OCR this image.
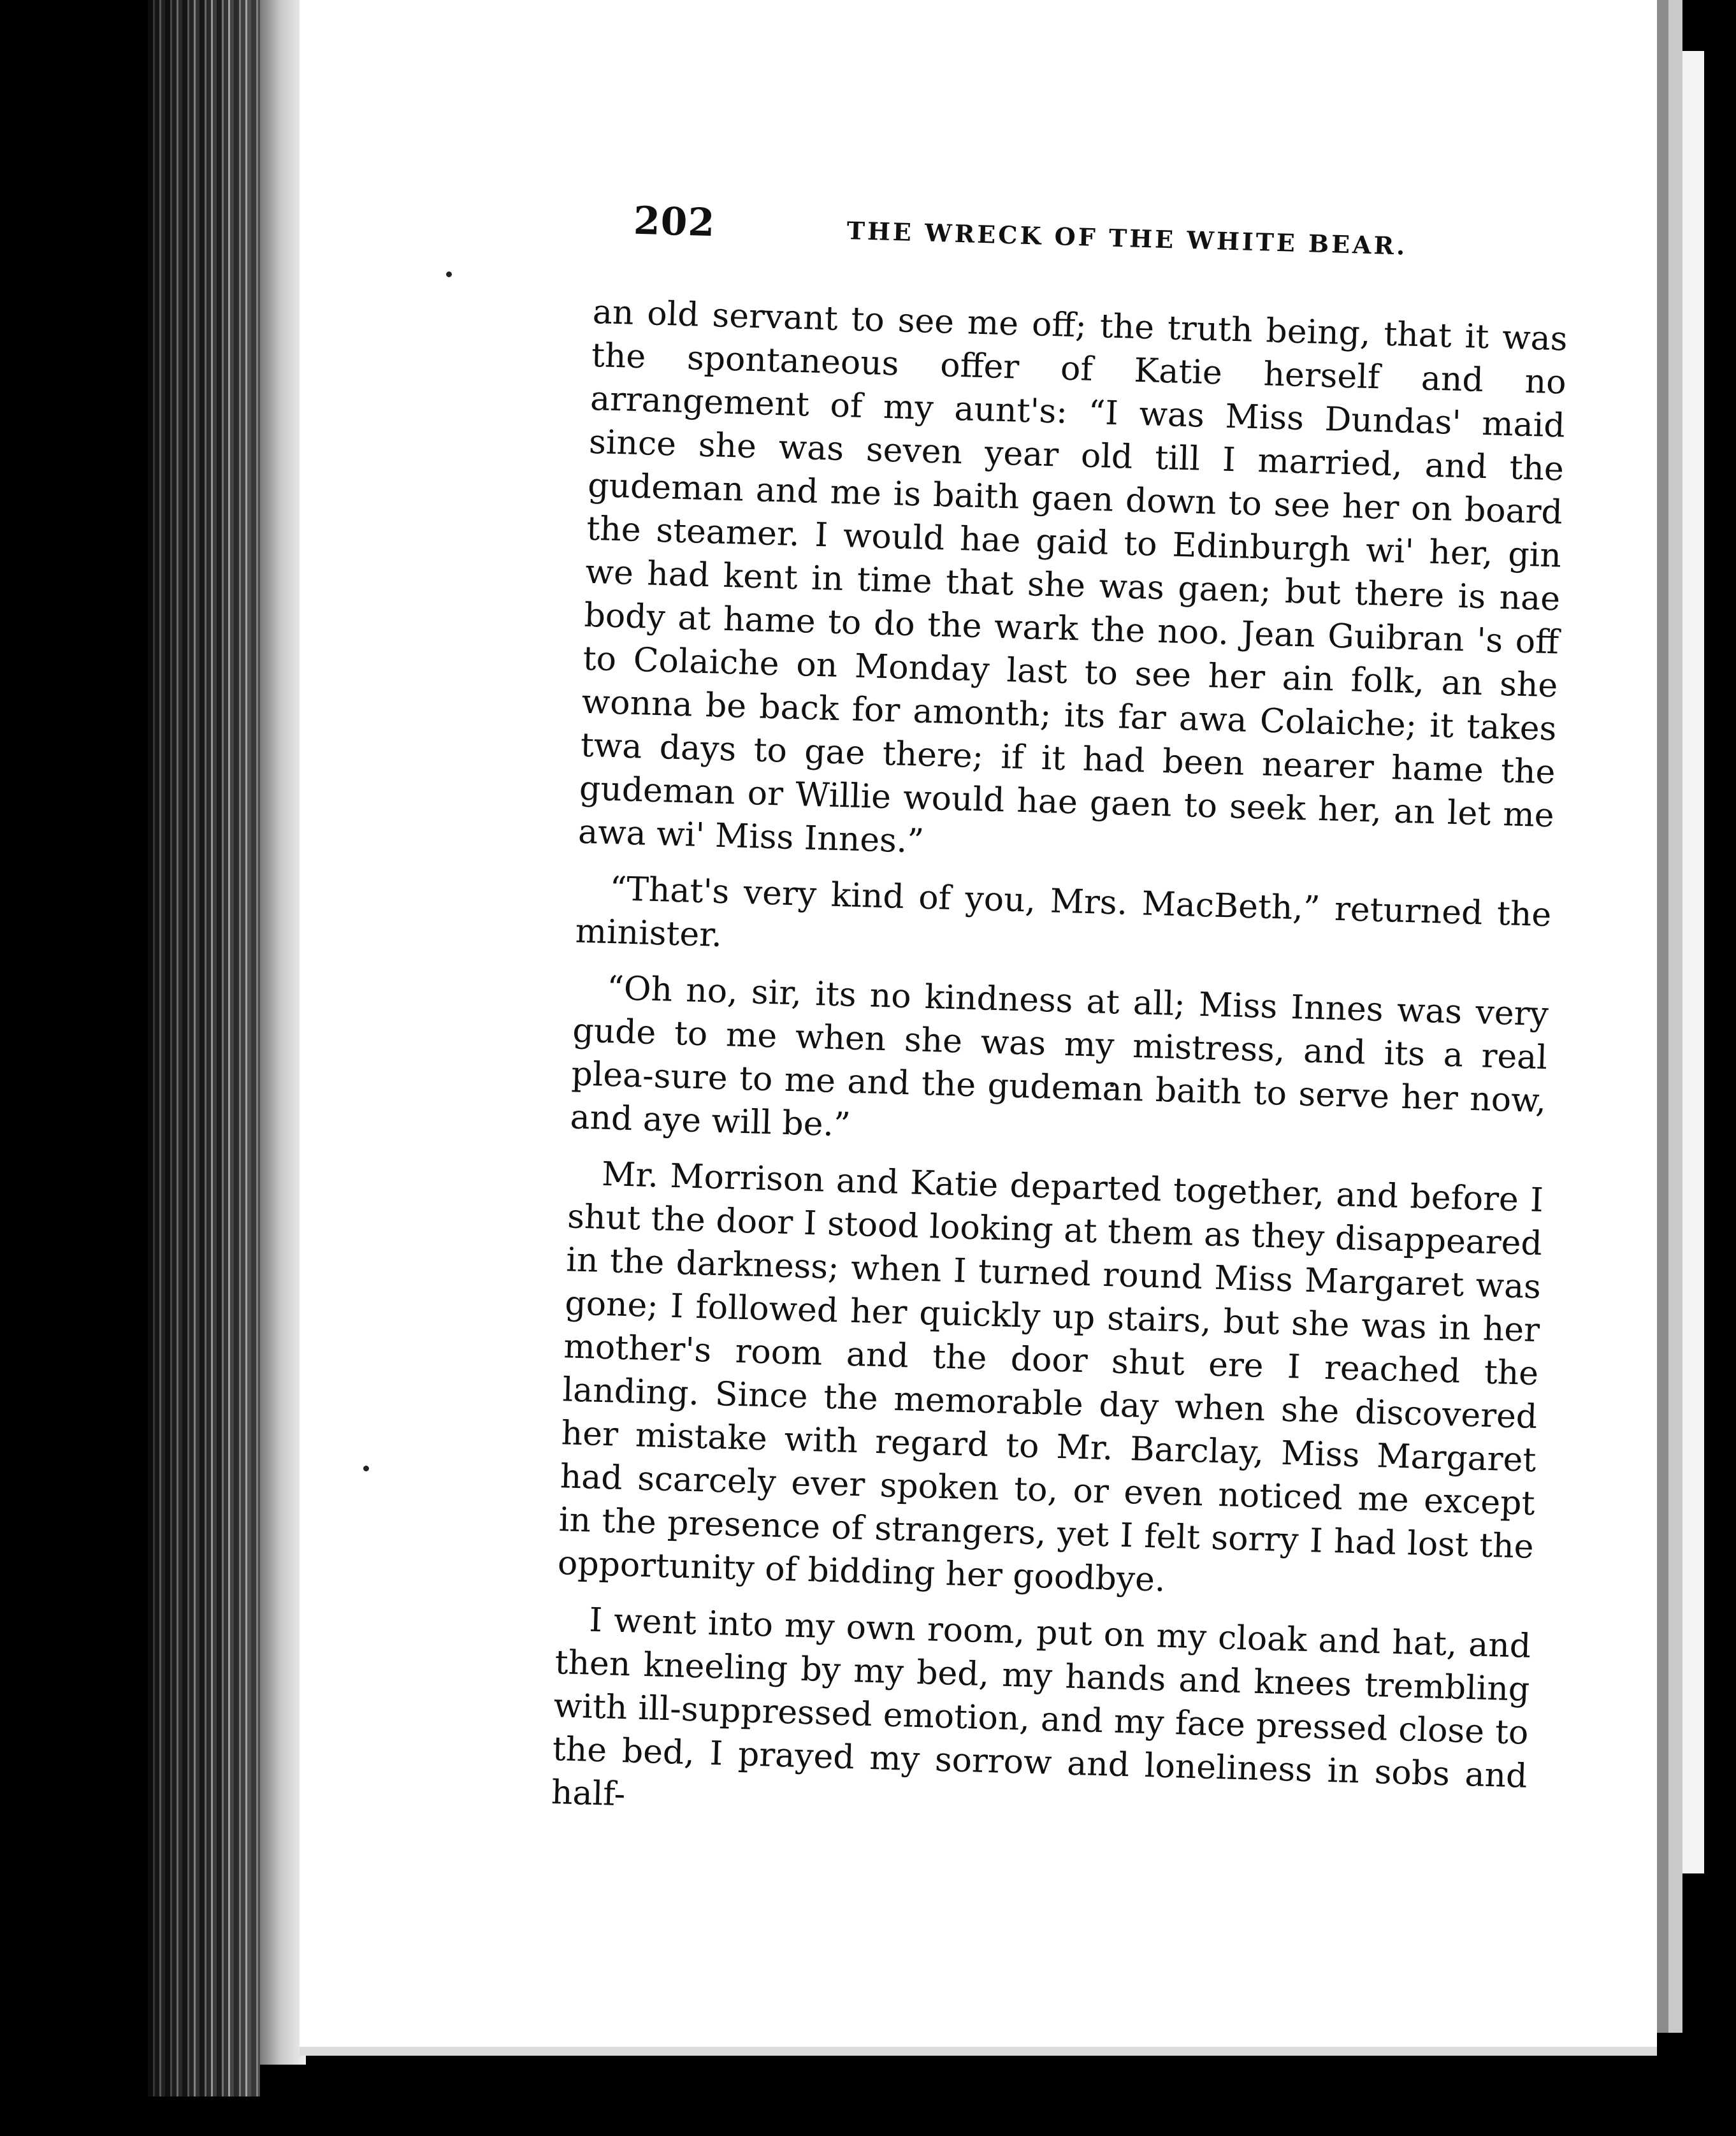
202	THE WRECK OF THE WHITE BEAR.

an old servant to see me off; the truth being, that it was the spontaneous offer of Katie herself and no arrangement of my aunt's: “I was Miss Dundas' maid since she was seven year old till I married, and the gudeman and me is baith gaen down to see her on board the steamer. I would hae gaid to Edinburgh wi' her, gin we had kent in time that she was gaen; but there is nae body at hame to do the wark the noo. Jean Guibran 's off to Colaiche on Monday last to see her ain folk, an she wonna be back for amonth; its far awa Colaiche; it takes twa days to gae there; if it had been nearer hame the gudeman or Willie would hae gaen to seek her, an let me awa wi' Miss Innes.”

“That's very kind of you, Mrs. MacBeth,” returned the minister.

“Oh no, sir, its no kindness at all; Miss Innes was very gude to me when she was my mistress, and its a real plea-sure to me and the gudeman baith to serve her now, and aye will be.”

Mr. Morrison and Katie departed together, and before I shut the door I stood looking at them as they disappeared in the darkness; when I turned round Miss Margaret was gone; I followed her quickly up stairs, but she was in her mother's room and the door shut ere I reached the landing. Since the memorable day when she discovered her mistake with regard to Mr. Barclay, Miss Margaret had scarcely ever spoken to, or even noticed me except in the presence of strangers, yet I felt sorry I had lost the opportunity of bidding her goodbye.

I went into my own room, put on my cloak and hat, and then kneeling by my bed, my hands and knees trembling with ill-suppressed emotion, and my face pressed close to the bed, I prayed my sorrow and loneliness in sobs and half-
